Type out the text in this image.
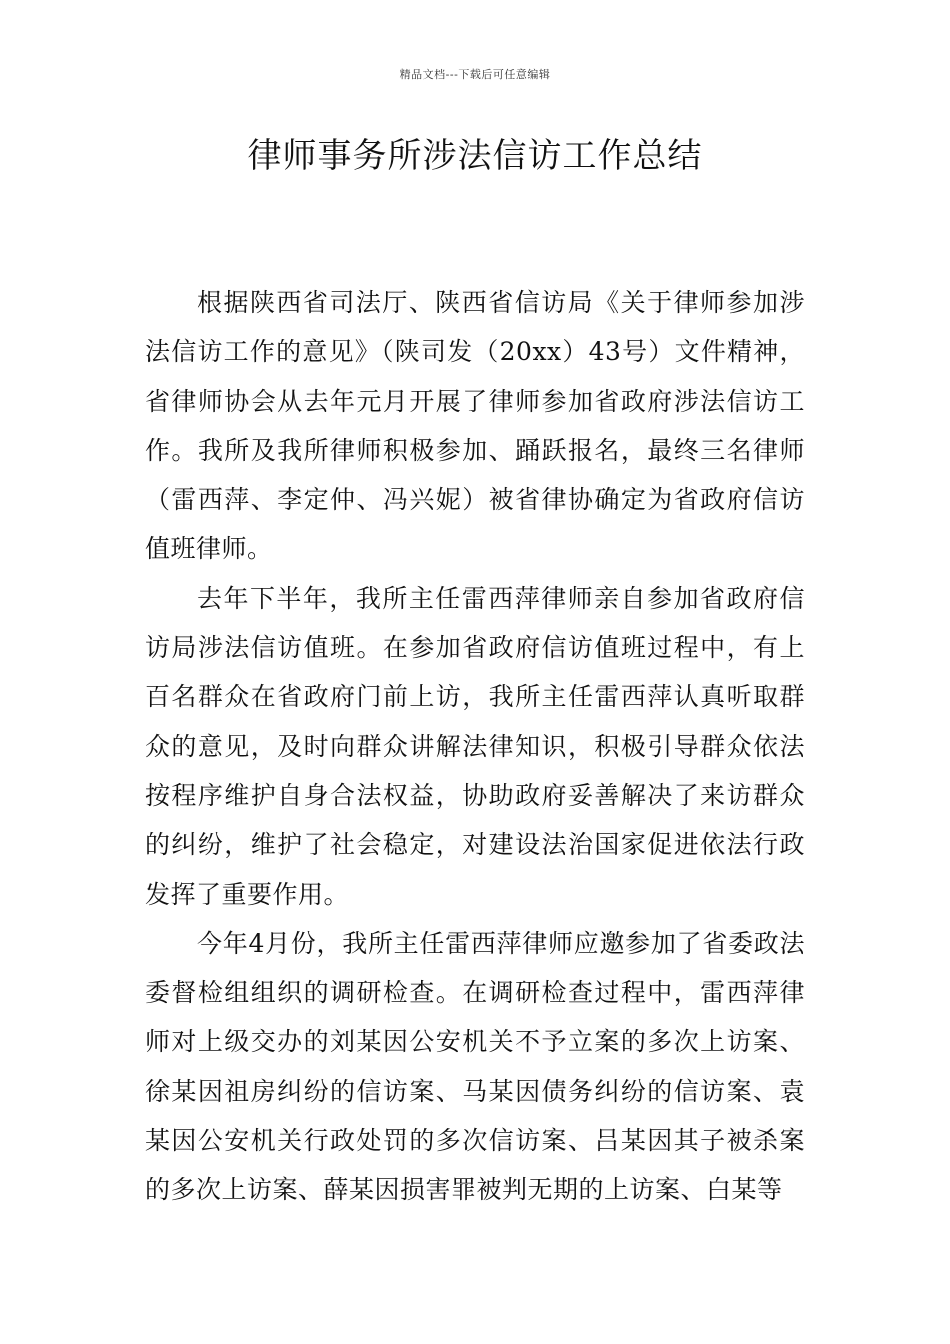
精品文档---下载后可任意编辑
律师事务所涉法信访工作总结

根据陕西省司法厅、陕西省信访局《关于律师参加涉法信访工作的意见》（陕司发（20xx）43号）文件精神，省律师协会从去年元月开展了律师参加省政府涉法信访工作。我所及我所律师积极参加、踊跃报名，最终三名律师（雷西萍、李定仲、冯兴妮）被省律协确定为省政府信访值班律师。

去年下半年，我所主任雷西萍律师亲自参加省政府信访局涉法信访值班。在参加省政府信访值班过程中，有上百名群众在省政府门前上访，我所主任雷西萍认真听取群众的意见，及时向群众讲解法律知识，积极引导群众依法按程序维护自身合法权益，协助政府妥善解决了来访群众的纠纷，维护了社会稳定，对建设法治国家促进依法行政发挥了重要作用。

今年4月份，我所主任雷西萍律师应邀参加了省委政法委督检组组织的调研检查。在调研检查过程中，雷西萍律师对上级交办的刘某因公安机关不予立案的多次上访案、徐某因祖房纠纷的信访案、马某因债务纠纷的信访案、袁某因公安机关行政处罚的多次信访案、吕某因其子被杀案的多次上访案、薛某因损害罪被判无期的上访案、白某等
